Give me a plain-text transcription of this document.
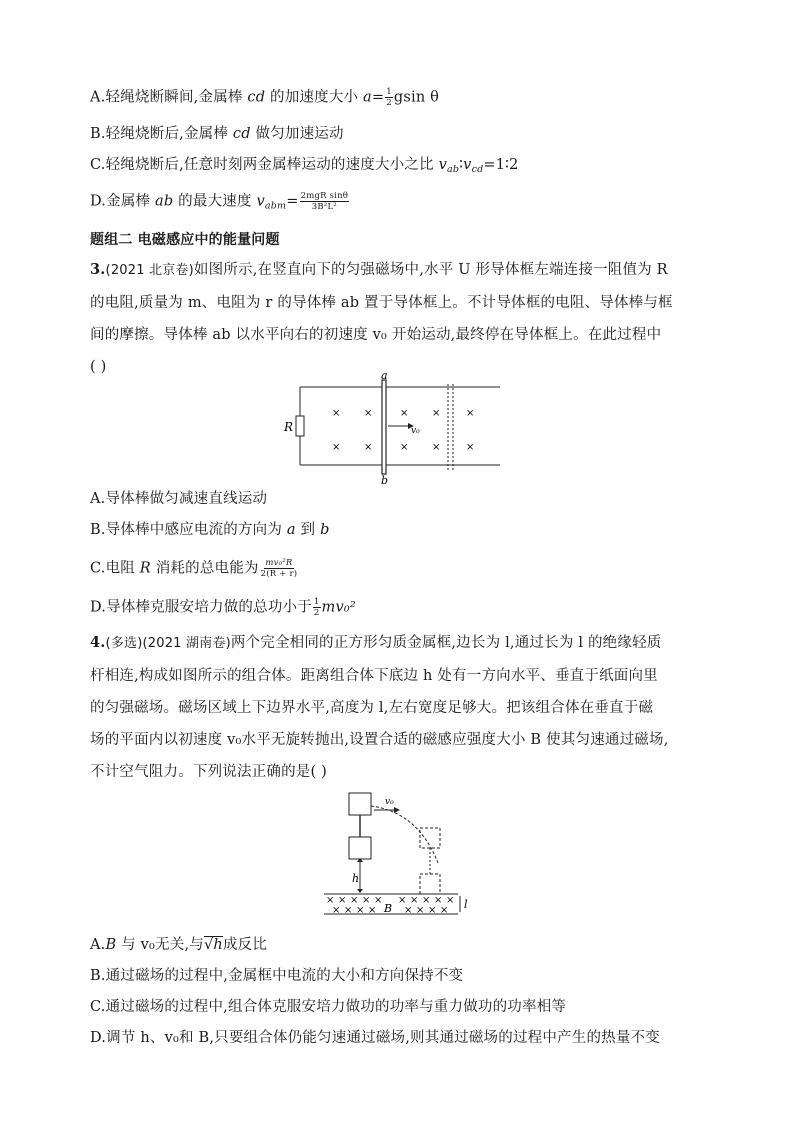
A.轻绳烧断瞬间,金属棒 cd 的加速度大小 $a= \frac{1}{2}$ gsin θ
B.轻绳烧断后,金属棒 cd 做匀加速运动
C.轻绳烧断后,任意时刻两金属棒运动的速度大小之比 $v_{ab}∶v_{cd}=1∶2$
D.金属棒 ab 的最大速度 $v_{abm}= \frac{\text{2mgR sinθ}}{\text{3B²L²}}$
题组二 电磁感应中的能量问题
3.(2021 北京卷)如图所示,在竖直向下的匀强磁场中,水平 U 形导体框左端连接一阻值为 R
的电阻,质量为 m、电阻为 r 的导体棒 ab 置于导体框上。不计导体框的电阻、导体棒与框
间的摩擦。导体棒 ab 以水平向右的初速度 v₀ 开始运动,最终停在导体框上。在此过程中
( )
R
a
b
v₀
× ×	× ×	×
× ×	× ×	×
A.导体棒做匀减速直线运动
B.导体棒中感应电流的方向为 a 到 b
C.电阻 R 消耗的总电能为 $\frac{\text{mv₀²R}}{2(R + r)}$
D.导体棒克服安培力做的总功小于 $\frac{1}{2} mv_0^2$
4.(多选)(2021 湖南卷)两个完全相同的正方形匀质金属框,边长为 l,通过长为 l 的绝缘轻质
杆相连,构成如图所示的组合体。距离组合体下底边 h 处有一方向水平、垂直于纸面向里
的匀强磁场。磁场区域上下边界水平,高度为 l,左右宽度足够大。把该组合体在垂直于磁
场的平面内以初速度 v₀水平无旋转抛出,设置合适的磁感应强度大小 B 使其匀速通过磁场,
不计空气阻力。下列说法正确的是( )
v₀
h
B	l
× × × × × × × × × ×
× × × ×	× × × ×
A.B 与 v₀无关,与√h成反比
B.通过磁场的过程中,金属框中电流的大小和方向保持不变
C.通过磁场的过程中,组合体克服安培力做功的功率与重力做功的功率相等
D.调节 h、v₀和 B,只要组合体仍能匀速通过磁场,则其通过磁场的过程中产生的热量不变
